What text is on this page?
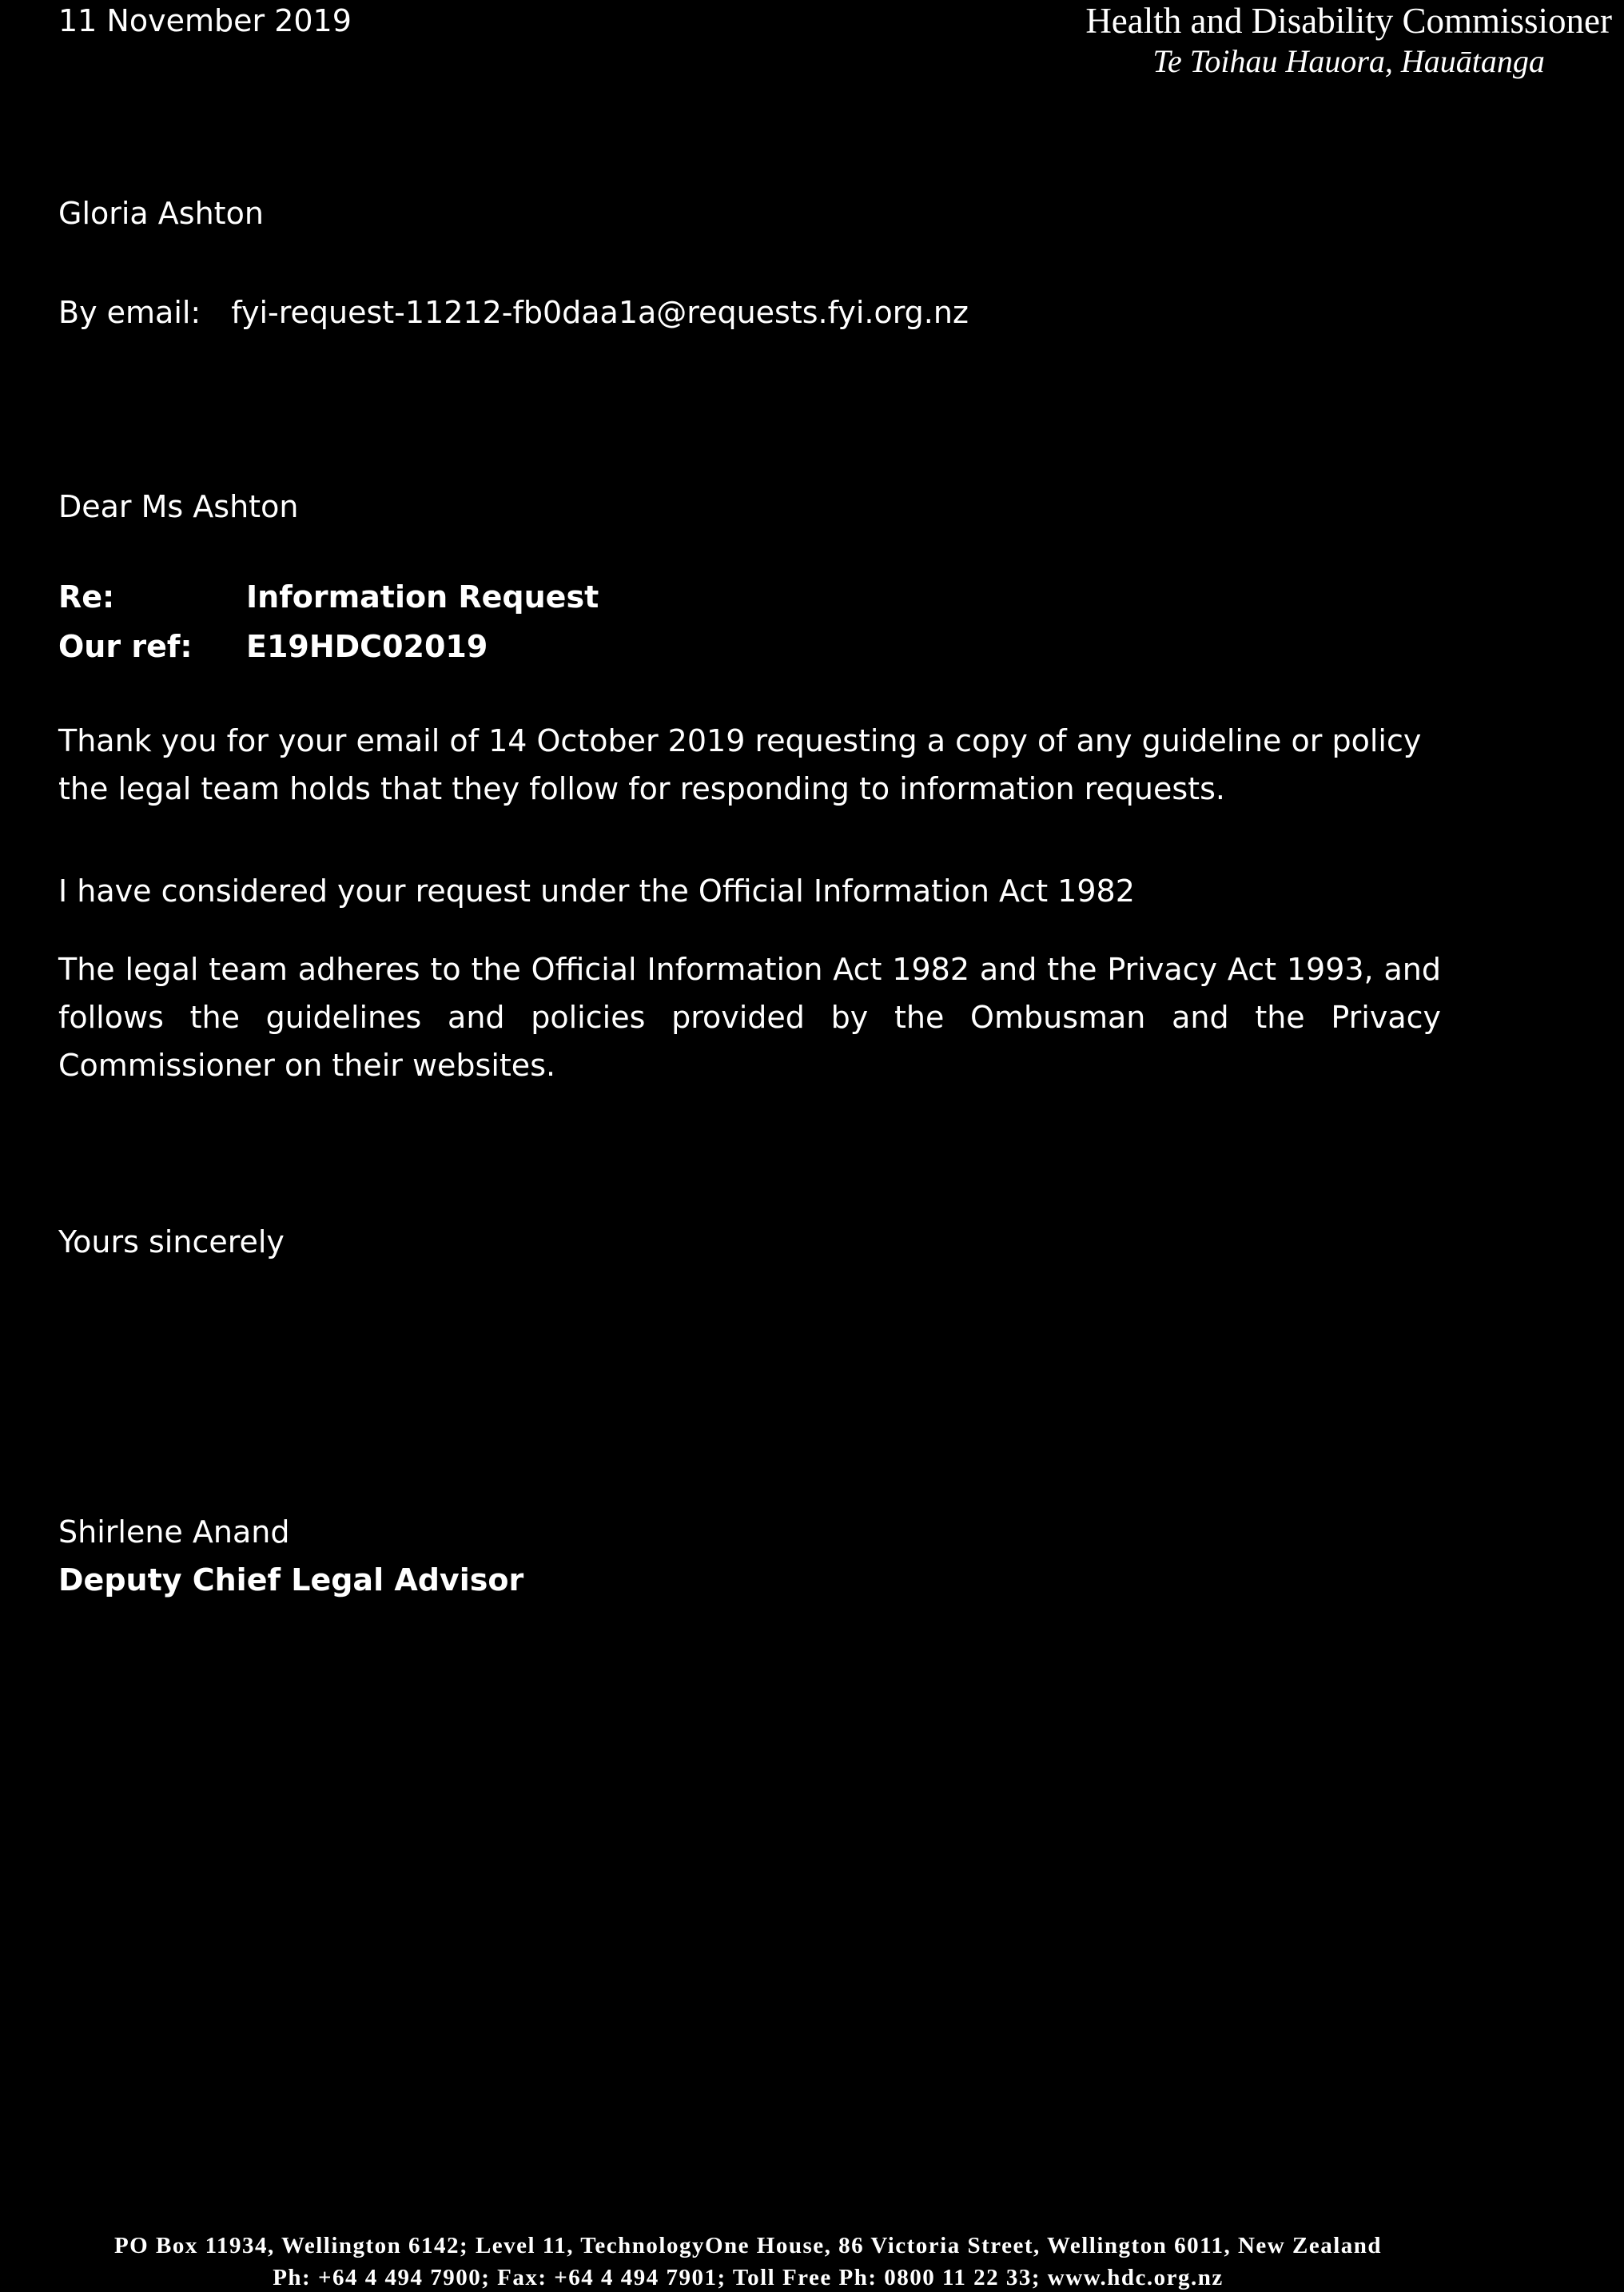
11 November 2019	Health and Disability Commissioner
Te Toihau Hauora, Hauātanga
Gloria Ashton
By email: fyi-request-11212-fb0daa1a@requests.fyi.org.nz
Dear Ms Ashton
Re:	Information Request
Our ref: E19HDC02019
Thank you for your email of 14 October 2019 requesting a copy of any guideline or policy the legal team holds that they follow for responding to information requests.
I have considered your request under the Official Information Act 1982
The legal team adheres to the Official Information Act 1982 and the Privacy Act 1993, and follows the guidelines and policies provided by the Ombusman and the Privacy Commissioner on their websites.
Yours sincerely
Shirlene Anand
Deputy Chief Legal Advisor
PO Box 11934, Wellington 6142; Level 11, TechnologyOne House, 86 Victoria Street, Wellington 6011, New Zealand
Ph: +64 4 494 7900; Fax: +64 4 494 7901; Toll Free Ph: 0800 11 22 33; www.hdc.org.nz
